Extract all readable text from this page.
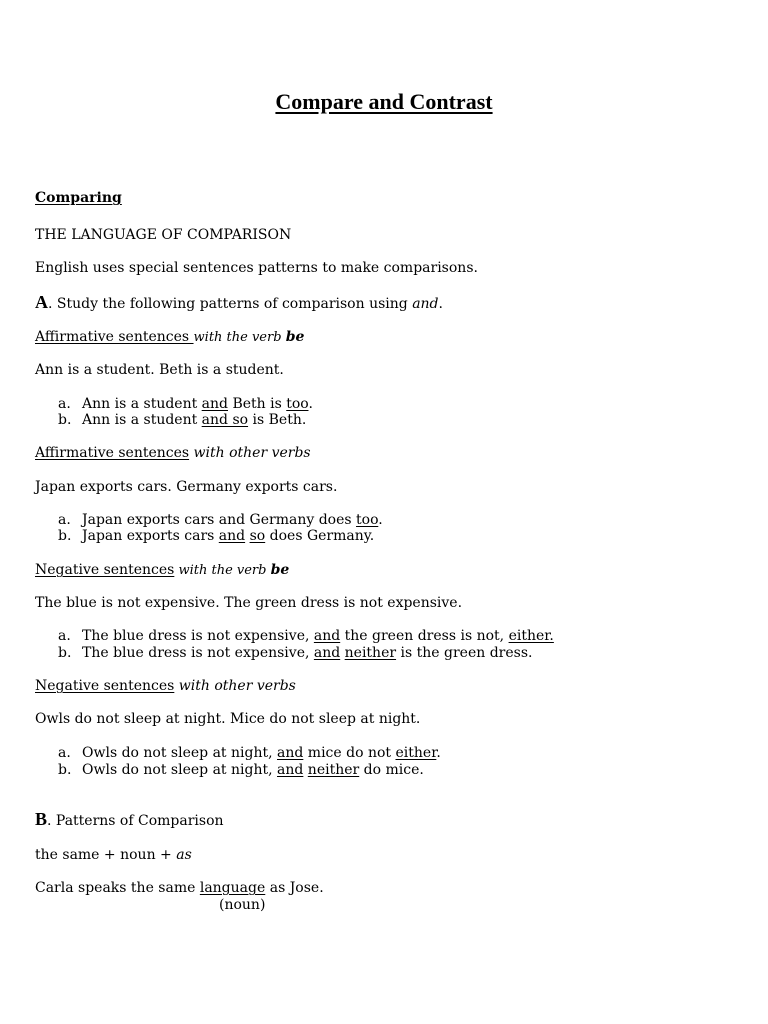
Compare and Contrast
Comparing
THE LANGUAGE OF COMPARISON
English uses special sentences patterns to make comparisons.
A. Study the following patterns of comparison using and.
Affirmative sentences with the verb be
Ann is a student. Beth is a student.
a. Ann is a student and Beth is too.
b. Ann is a student and so is Beth.
Affirmative sentences with other verbs
Japan exports cars. Germany exports cars.
a. Japan exports cars and Germany does too.
b. Japan exports cars and so does Germany.
Negative sentences with the verb be
The blue is not expensive. The green dress is not expensive.
a. The blue dress is not expensive, and the green dress is not, either.
b. The blue dress is not expensive, and neither is the green dress.
Negative sentences with other verbs
Owls do not sleep at night. Mice do not sleep at night.
a. Owls do not sleep at night, and mice do not either.
b. Owls do not sleep at night, and neither do mice.
B. Patterns of Comparison
the same + noun + as
Carla speaks the same language as Jose.
(noun)
